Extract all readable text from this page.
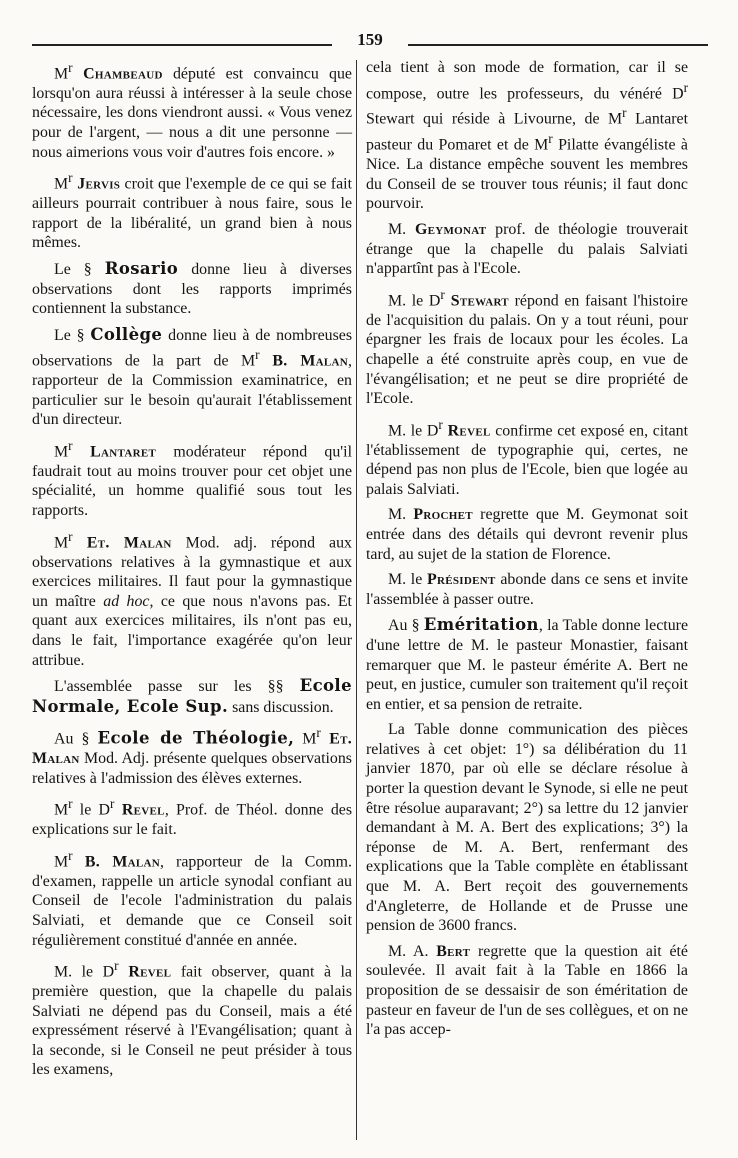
159

$M^r$ Chambeaud député est convaincu que lorsqu'on aura réussi à intéresser à la seule chose nécessaire, les dons viendront aussi. « Vous venez pour de l'argent, — nous a dit une personne — nous aimerions vous voir d'autres fois encore. »

$M^r$ Jervis croit que l'exemple de ce qui se fait ailleurs pourrait contribuer à nous faire, sous le rapport de la libéralité, un grand bien à nous mêmes.

Le § Rosario donne lieu à diverses observations dont les rapports imprimés contiennent la substance.

Le § Collège donne lieu à de nombreuses observations de la part de $M^r$ B. Malan, rapporteur de la Commission examinatrice, en particulier sur le besoin qu'aurait l'établissement d'un directeur.

$M^r$ Lantaret modérateur répond qu'il faudrait tout au moins trouver pour cet objet une spécialité, un homme qualifié sous tout les rapports.

$M^r$ Et. Malan Mod. adj. répond aux observations relatives à la gymnastique et aux exercices militaires. Il faut pour la gymnastique un maître ad hoc, ce que nous n'avons pas. Et quant aux exercices militaires, ils n'ont pas eu, dans le fait, l'importance exagérée qu'on leur attribue.

L'assemblée passe sur les §§ Ecole Normale, Ecole Sup. sans discussion.

Au § Ecole de Théologie, $M^r$ Et. Malan Mod. Adj. présente quelques observations relatives à l'admission des élèves externes.

$M^r$ le $D^r$ Revel, Prof. de Théol. donne des explications sur le fait.

$M^r$ B. Malan, rapporteur de la Comm. d'examen, rappelle un article synodal confiant au Conseil de l'ecole l'administration du palais Salviati, et demande que ce Conseil soit régulièrement constitué d'année en année.

M. le $D^r$ Revel fait observer, quant à la première question, que la chapelle du palais Salviati ne dépend pas du Conseil, mais a été expressément réservé à l'Evangélisation; quant à la seconde, si le Conseil ne peut présider à tous les examens,

cela tient à son mode de formation, car il se compose, outre les professeurs, du vénéré $D^r$ Stewart qui réside à Livourne, de $M^r$ Lantaret pasteur du Pomaret et de $M^r$ Pilatte évangéliste à Nice. La distance empêche souvent les membres du Conseil de se trouver tous réunis; il faut donc pourvoir.

M. Geymonat prof. de théologie trouverait étrange que la chapelle du palais Salviati n'appartînt pas à l'Ecole.

M. le $D^r$ Stewart répond en faisant l'histoire de l'acquisition du palais. On y a tout réuni, pour épargner les frais de locaux pour les écoles. La chapelle a été construite après coup, en vue de l'évangélisation; et ne peut se dire propriété de l'Ecole.

M. le $D^r$ Revel confirme cet exposé en, citant l'établissement de typographie qui, certes, ne dépend pas non plus de l'Ecole, bien que logée au palais Salviati.

M. Prochet regrette que M. Geymonat soit entrée dans des détails qui devront revenir plus tard, au sujet de la station de Florence.

M. le Président abonde dans ce sens et invite l'assemblée à passer outre.

Au § Eméritation, la Table donne lecture d'une lettre de M. le pasteur Monastier, faisant remarquer que M. le pasteur émérite A. Bert ne peut, en justice, cumuler son traitement qu'il reçoit en entier, et sa pension de retraite.

La Table donne communication des pièces relatives à cet objet: 1°) sa délibération du 11 janvier 1870, par où elle se déclare résolue à porter la question devant le Synode, si elle ne peut être résolue auparavant; 2°) sa lettre du 12 janvier demandant à M. A. Bert des explications; 3°) la réponse de M. A. Bert, renfermant des explications que la Table complète en établissant que M. A. Bert reçoit des gouvernements d'Angleterre, de Hollande et de Prusse une pension de 3600 francs.

M. A. Bert regrette que la question ait été soulevée. Il avait fait à la Table en 1866 la proposition de se dessaisir de son éméritation de pasteur en faveur de l'un de ses collègues, et on ne l'a pas accep-
